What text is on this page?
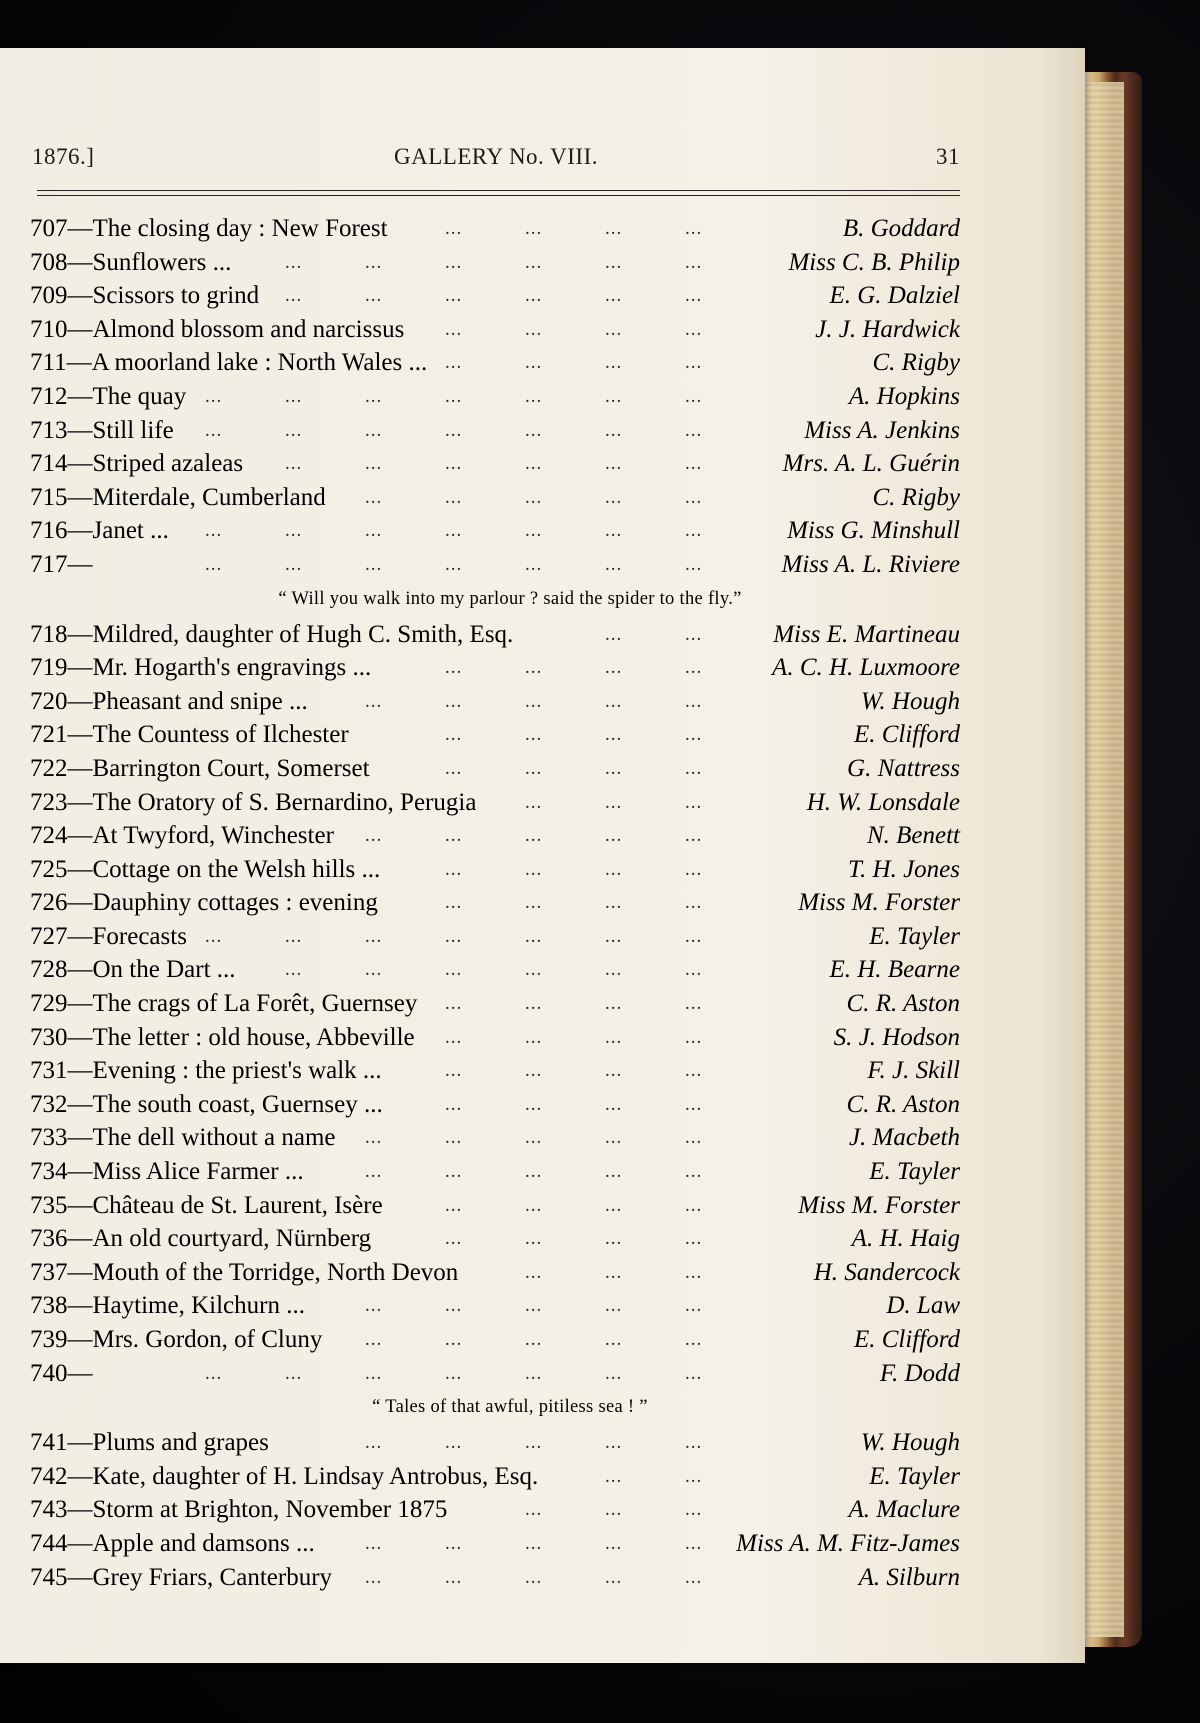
1876.]	GALLERY No. VIII.	31
707—The closing day : New Forest	B. Goddard
...	...	...	...
708—Sunflowers ...	Miss C. B. Philip
...	...	...	...	...	...
709—Scissors to grind	E. G. Dalziel
...	...	...	...	...	...
710—Almond blossom and narcissus	J. J. Hardwick
...	...	...	...
711—A moorland lake : North Wales ...	C. Rigby
...	...	...	...
712—The quay	A. Hopkins
...	...	...	...	...	...	...
713—Still life	Miss A. Jenkins
...	...	...	...	...	...	...
714—Striped azaleas	Mrs. A. L. Guérin
...	...	...	...	...	...
715—Miterdale, Cumberland	C. Rigby
...	...	...	...	...
716—Janet ...	Miss G. Minshull
...	...	...	...	...	...	...
717—	Miss A. L. Riviere
...	...	...	...	...	...	...
“ Will you walk into my parlour ? said the spider to the fly.”
718—Mildred, daughter of Hugh C. Smith, Esq.	Miss E. Martineau
...	...
719—Mr. Hogarth's engravings ...	A. C. H. Luxmoore
...	...	...	...
720—Pheasant and snipe ...	W. Hough
...	...	...	...	...
721—The Countess of Ilchester	E. Clifford
...	...	...	...
722—Barrington Court, Somerset	G. Nattress
...	...	...	...
723—The Oratory of S. Bernardino, Perugia	H. W. Lonsdale
...	...	...
724—At Twyford, Winchester	N. Benett
...	...	...	...	...
725—Cottage on the Welsh hills ...	T. H. Jones
...	...	...	...
726—Dauphiny cottages : evening	Miss M. Forster
...	...	...	...
727—Forecasts	E. Tayler
...	...	...	...	...	...	...
728—On the Dart ...	E. H. Bearne
...	...	...	...	...	...
729—The crags of La Forêt, Guernsey	C. R. Aston
...	...	...	...
730—The letter : old house, Abbeville	S. J. Hodson
...	...	...	...
731—Evening : the priest's walk ...	F. J. Skill
...	...	...	...
732—The south coast, Guernsey ...	C. R. Aston
...	...	...	...
733—The dell without a name	J. Macbeth
...	...	...	...	...
734—Miss Alice Farmer ...	E. Tayler
...	...	...	...	...
735—Château de St. Laurent, Isère	Miss M. Forster
...	...	...	...
736—An old courtyard, Nürnberg	A. H. Haig
...	...	...	...
737—Mouth of the Torridge, North Devon	H. Sandercock
...	...	...
738—Haytime, Kilchurn ...	D. Law
...	...	...	...	...
739—Mrs. Gordon, of Cluny	E. Clifford
...	...	...	...	...
740—	F. Dodd
...	...	...	...	...	...	...
“ Tales of that awful, pitiless sea ! ”
741—Plums and grapes	W. Hough
...	...	...	...	...
742—Kate, daughter of H. Lindsay Antrobus, Esq.	E. Tayler
...	...
743—Storm at Brighton, November 1875	A. Maclure
...	...	...
744—Apple and damsons ...	Miss A. M. Fitz-James
...	...	...	...	...
745—Grey Friars, Canterbury	A. Silburn
...	...	...	...	...
